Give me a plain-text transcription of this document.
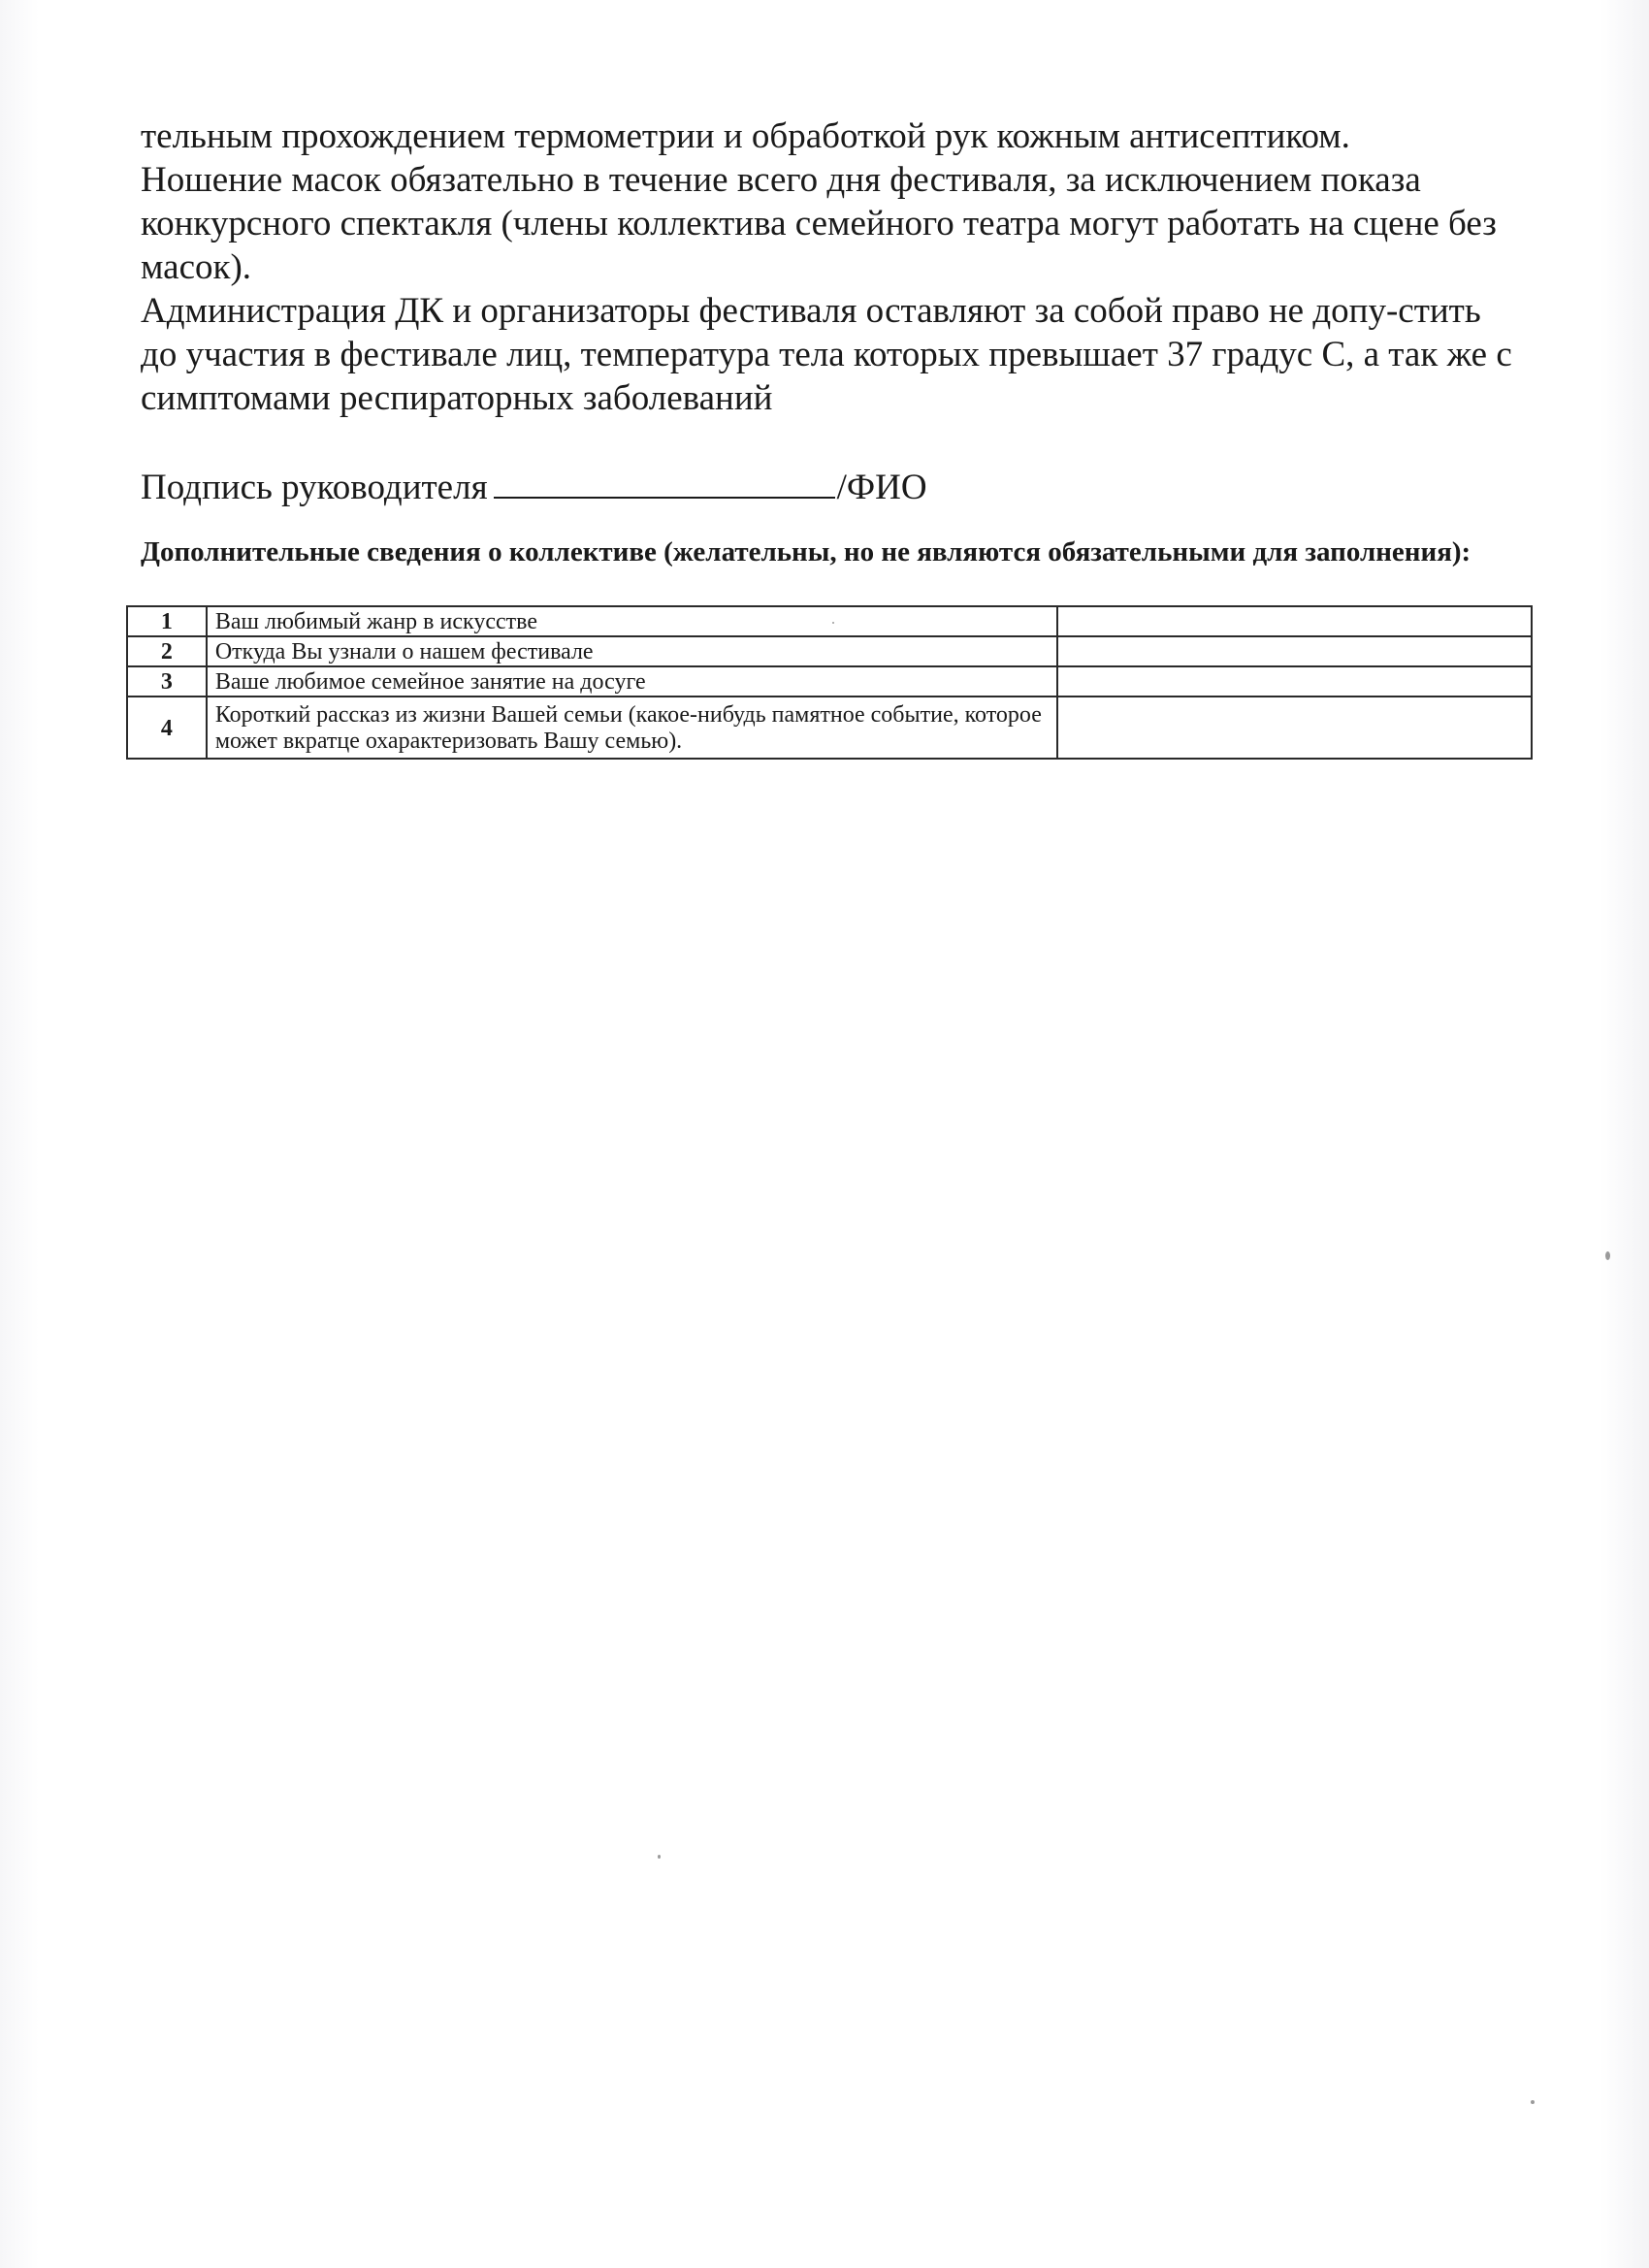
тельным прохождением термометрии и обработкой рук кожным антисептиком.

Ношение масок обязательно в течение всего дня фестиваля, за исключением показа конкурсного спектакля (члены коллектива семейного театра могут работать на сцене без масок).

Администрация ДК и организаторы фестиваля оставляют за собой право не допу-стить до участия в фестивале лиц, температура тела которых превышает 37 градус С, а так же с симптомами респираторных заболеваний

Подпись руководителя	/ФИО
Дополнительные сведения о коллективе (желательны, но не являются обязательными для заполнения):
1	Ваш любимый жанр в искусстве	
2	Откуда Вы узнали о нашем фестивале	
3	Ваше любимое семейное занятие на досуге	
4	Короткий рассказ из жизни Вашей семьи (какое-нибудь памятное событие, которое может вкратце охарактеризовать Вашу семью).	
